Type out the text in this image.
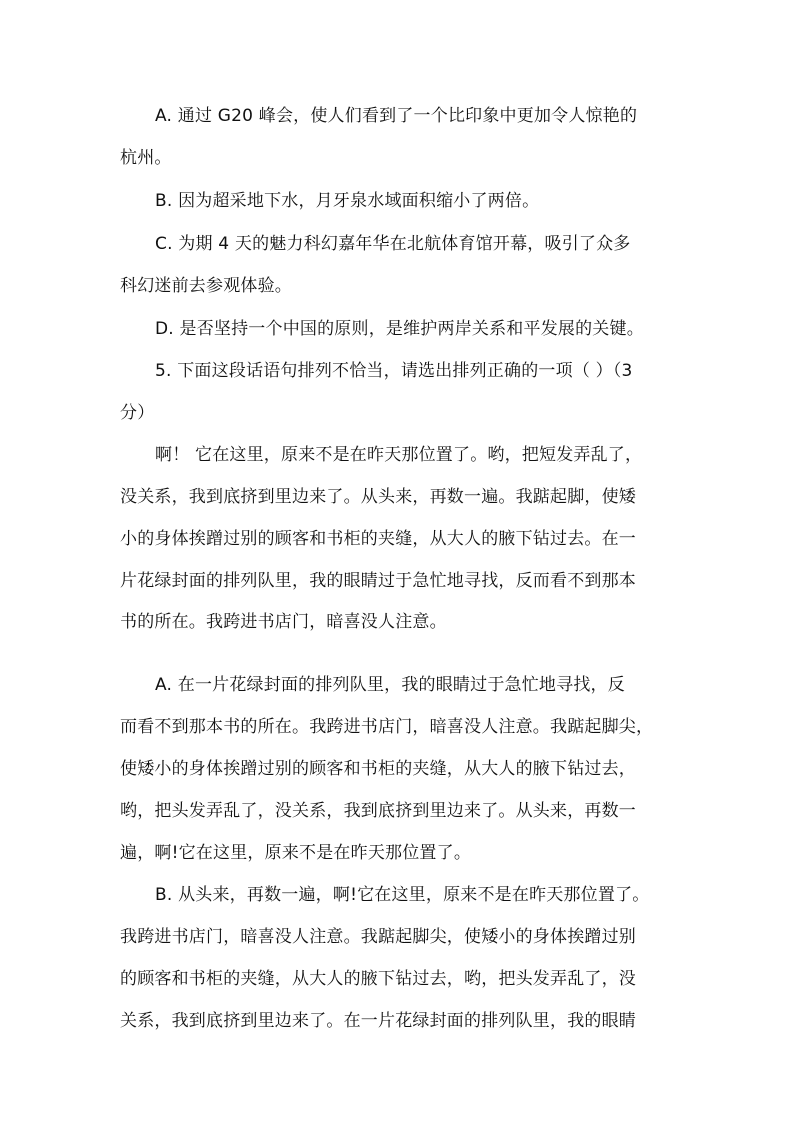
A. 通过 G20 峰会，使人们看到了一个比印象中更加令人惊艳的
杭州。
B. 因为超采地下水，月牙泉水域面积缩小了两倍。
C. 为期 4 天的魅力科幻嘉年华在北航体育馆开幕，吸引了众多
科幻迷前去参观体验。
D. 是否坚持一个中国的原则，是维护两岸关系和平发展的关键。
5. 下面这段话语句排列不恰当，请选出排列正确的一项（ ）（3
分）
啊！ 它在这里，原来不是在昨天那位置了。哟，把短发弄乱了，
没关系，我到底挤到里边来了。从头来，再数一遍。我踮起脚，使矮
小的身体挨蹭过别的顾客和书柜的夹缝，从大人的腋下钻过去。在一
片花绿封面的排列队里，我的眼睛过于急忙地寻找，反而看不到那本
书的所在。我跨进书店门，暗喜没人注意。
A. 在一片花绿封面的排列队里，我的眼睛过于急忙地寻找，反
而看不到那本书的所在。我跨进书店门，暗喜没人注意。我踮起脚尖，
使矮小的身体挨蹭过别的顾客和书柜的夹缝，从大人的腋下钻过去，
哟，把头发弄乱了，没关系，我到底挤到里边来了。从头来，再数一
遍，啊!它在这里，原来不是在昨天那位置了。
B. 从头来，再数一遍，啊!它在这里，原来不是在昨天那位置了。
我跨进书店门，暗喜没人注意。我踮起脚尖，使矮小的身体挨蹭过别
的顾客和书柜的夹缝，从大人的腋下钻过去，哟，把头发弄乱了，没
关系，我到底挤到里边来了。在一片花绿封面的排列队里，我的眼睛
